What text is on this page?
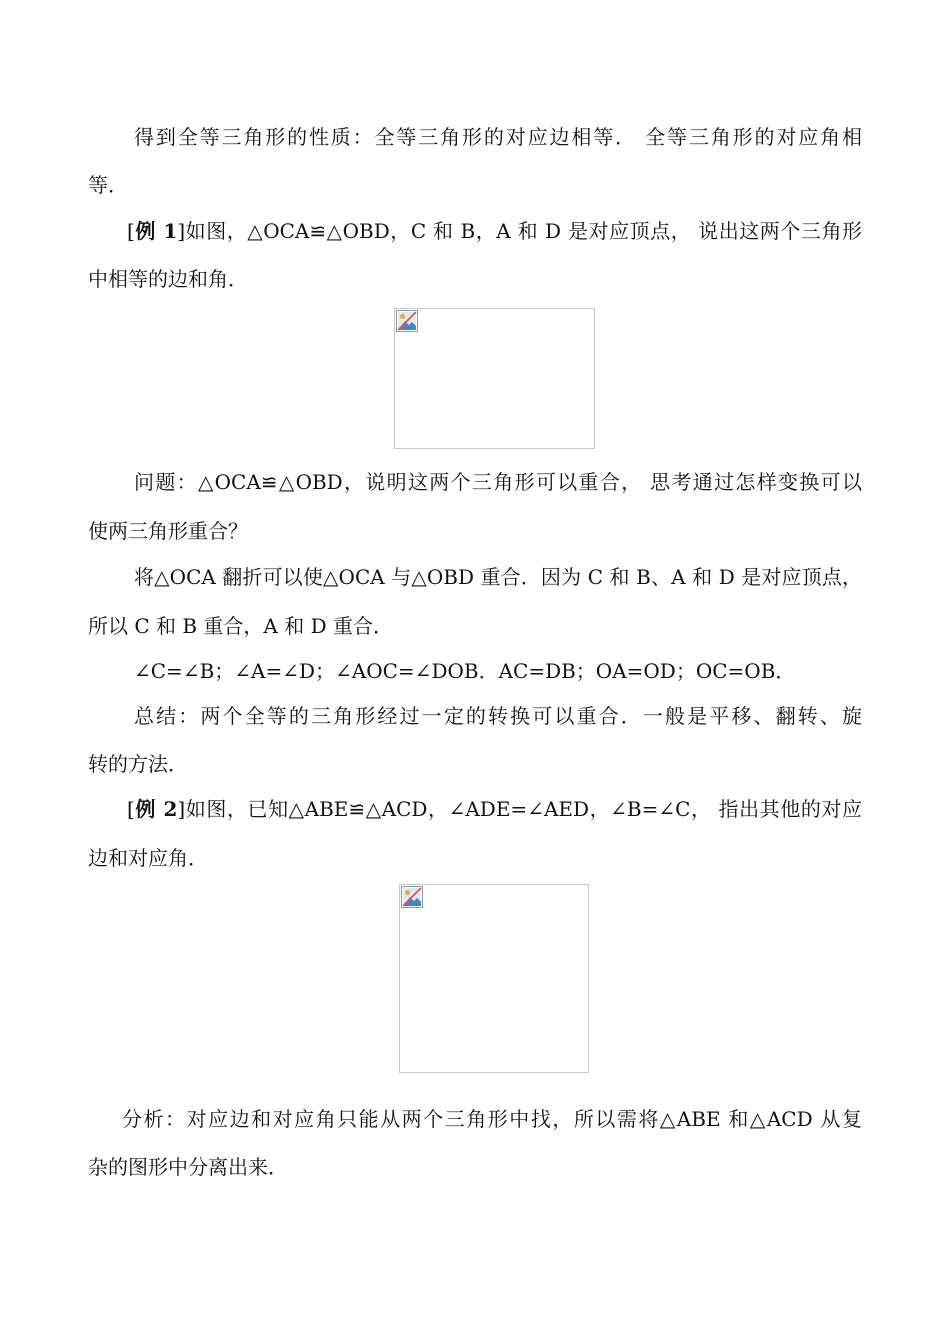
得到全等三角形的性质：全等三角形的对应边相等． 全等三角形的对应角相
等．
[例 1]如图，△OCA≌△OBD，C 和 B，A 和 D 是对应顶点， 说出这两个三角形
中相等的边和角．
问题：△OCA≌△OBD，说明这两个三角形可以重合， 思考通过怎样变换可以
使两三角形重合？
将△OCA 翻折可以使△OCA 与△OBD 重合．因为 C 和 B、A 和 D 是对应顶点，
所以 C 和 B 重合，A 和 D 重合．
∠C=∠B；∠A=∠D；∠AOC=∠DOB．AC=DB；OA=OD；OC=OB．
总结：两个全等的三角形经过一定的转换可以重合．一般是平移、翻转、旋
转的方法．
[例 2]如图，已知△ABE≌△ACD，∠ADE=∠AED，∠B=∠C， 指出其他的对应
边和对应角．
分析：对应边和对应角只能从两个三角形中找，所以需将△ABE 和△ACD 从复
杂的图形中分离出来．
